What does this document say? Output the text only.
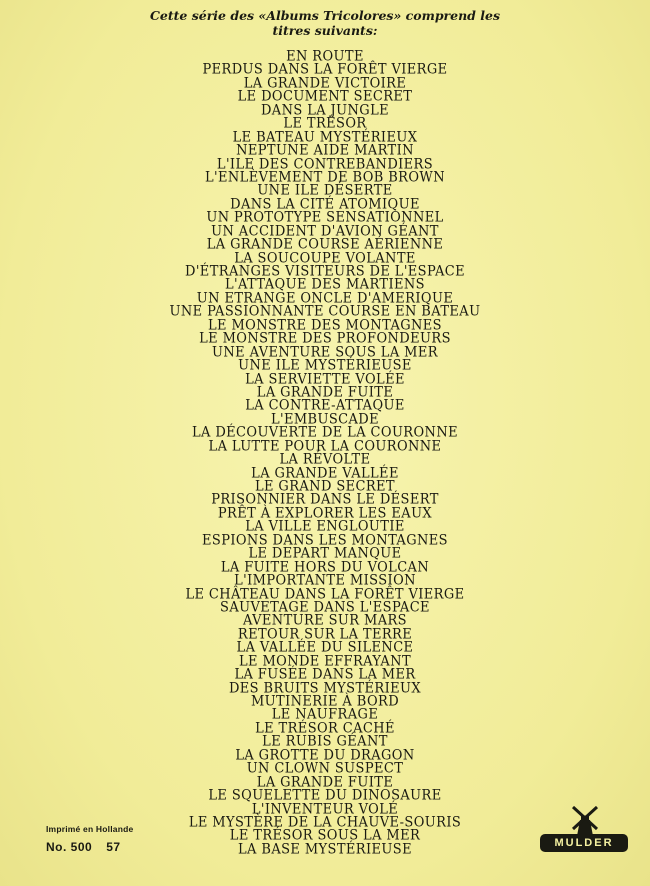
Cette série des «Albums Tricolores» comprend les
titres suivants:
EN ROUTE
PERDUS DANS LA FORÊT VIERGE
LA GRANDE VICTOIRE
LE DOCUMENT SECRET
DANS LA JUNGLE
LE TRÉSOR
LE BATEAU MYSTÉRIEUX
NEPTUNE AIDE MARTIN
L'ILE DES CONTREBANDIERS
L'ENLÈVEMENT DE BOB BROWN
UNE ILE DÉSERTE
DANS LA CITÉ ATOMIQUE
UN PROTOTYPE SENSATIONNEL
UN ACCIDENT D'AVION GÉANT
LA GRANDE COURSE AÉRIENNE
LA SOUCOUPE VOLANTE
D'ÉTRANGES VISITEURS DE L'ESPACE
L'ATTAQUE DES MARTIENS
UN ETRANGE ONCLE D'AMERIQUE
UNE PASSIONNANTE COURSE EN BATEAU
LE MONSTRE DES MONTAGNES
LE MONSTRE DES PROFONDEURS
UNE AVENTURE SOUS LA MER
UNE ILE MYSTÉRIEUSE
LA SERVIETTE VOLÉE
LA GRANDE FUITE
LA CONTRE-ATTAQUE
L'EMBUSCADE
LA DÉCOUVERTE DE LA COURONNE
LA LUTTE POUR LA COURONNE
LA RÉVOLTE
LA GRANDE VALLÉE
LE GRAND SECRET
PRISONNIER DANS LE DÉSERT
PRÊT À EXPLORER LES EAUX
LA VILLE ENGLOUTIE
ESPIONS DANS LES MONTAGNES
LE DEPART MANQUE
LA FUITE HORS DU VOLCAN
L'IMPORTANTE MISSION
LE CHÂTEAU DANS LA FORÊT VIERGE
SAUVETAGE DANS L'ESPACE
AVENTURE SUR MARS
RETOUR SUR LA TERRE
LA VALLÉE DU SILENCE
LE MONDE EFFRAYANT
LA FUSÉE DANS LA MER
DES BRUITS MYSTÉRIEUX
MUTINERIE À BORD
LE NAUFRAGE
LE TRÉSOR CACHÉ
LE RUBIS GÉANT
LA GROTTE DU DRAGON
UN CLOWN SUSPECT
LA GRANDE FUITE
LE SQUELETTE DU DINOSAURE
L'INVENTEUR VOLÉ
LE MYSTÈRE DE LA CHAUVE-SOURIS
LE TRÉSOR SOUS LA MER
LA BASE MYSTÉRIEUSE
Imprimé en Hollande
No. 500 57	MULDER
